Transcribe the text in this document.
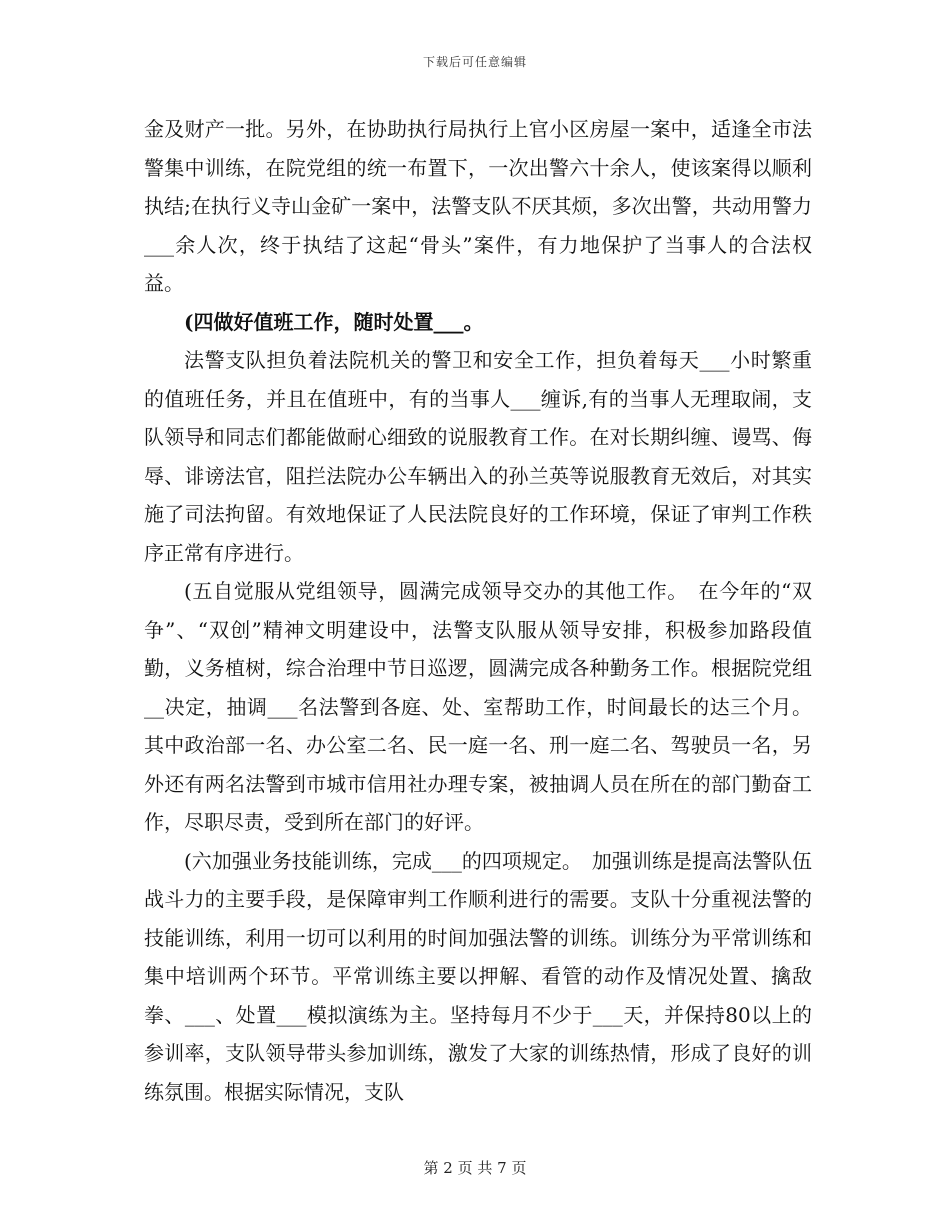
下载后可任意编辑

金及财产一批。另外，在协助执行局执行上官小区房屋一案中，适逢全市法警集中训练，在院党组的统一布置下，一次出警六十余人，使该案得以顺利执结;在执行义寺山金矿一案中，法警支队不厌其烦，多次出警，共动用警力___余人次，终于执结了这起“骨头”案件，有力地保护了当事人的合法权益。

(四做好值班工作，随时处置___。

法警支队担负着法院机关的警卫和安全工作，担负着每天___小时繁重的值班任务，并且在值班中，有的当事人___缠诉,有的当事人无理取闹，支队领导和同志们都能做耐心细致的说服教育工作。在对长期纠缠、谩骂、侮辱、诽谤法官，阻拦法院办公车辆出入的孙兰英等说服教育无效后，对其实施了司法拘留。有效地保证了人民法院良好的工作环境，保证了审判工作秩序正常有序进行。

(五自觉服从党组领导，圆满完成领导交办的其他工作。　在今年的“双争”、“双创”精神文明建设中，法警支队服从领导安排，积极参加路段值勤，义务植树，综合治理中节日巡逻，圆满完成各种勤务工作。根据院党组__决定，抽调___名法警到各庭、处、室帮助工作，时间最长的达三个月。其中政治部一名、办公室二名、民一庭一名、刑一庭二名、驾驶员一名，另外还有两名法警到市城市信用社办理专案，被抽调人员在所在的部门勤奋工作，尽职尽责，受到所在部门的好评。

(六加强业务技能训练，完成___的四项规定。　加强训练是提高法警队伍战斗力的主要手段，是保障审判工作顺利进行的需要。支队十分重视法警的技能训练，利用一切可以利用的时间加强法警的训练。训练分为平常训练和集中培训两个环节。平常训练主要以押解、看管的动作及情况处置、擒敌拳、___、处置___模拟演练为主。坚持每月不少于___天，并保持80以上的参训率，支队领导带头参加训练，激发了大家的训练热情，形成了良好的训练氛围。根据实际情况，支队

第 2 页 共 7 页
